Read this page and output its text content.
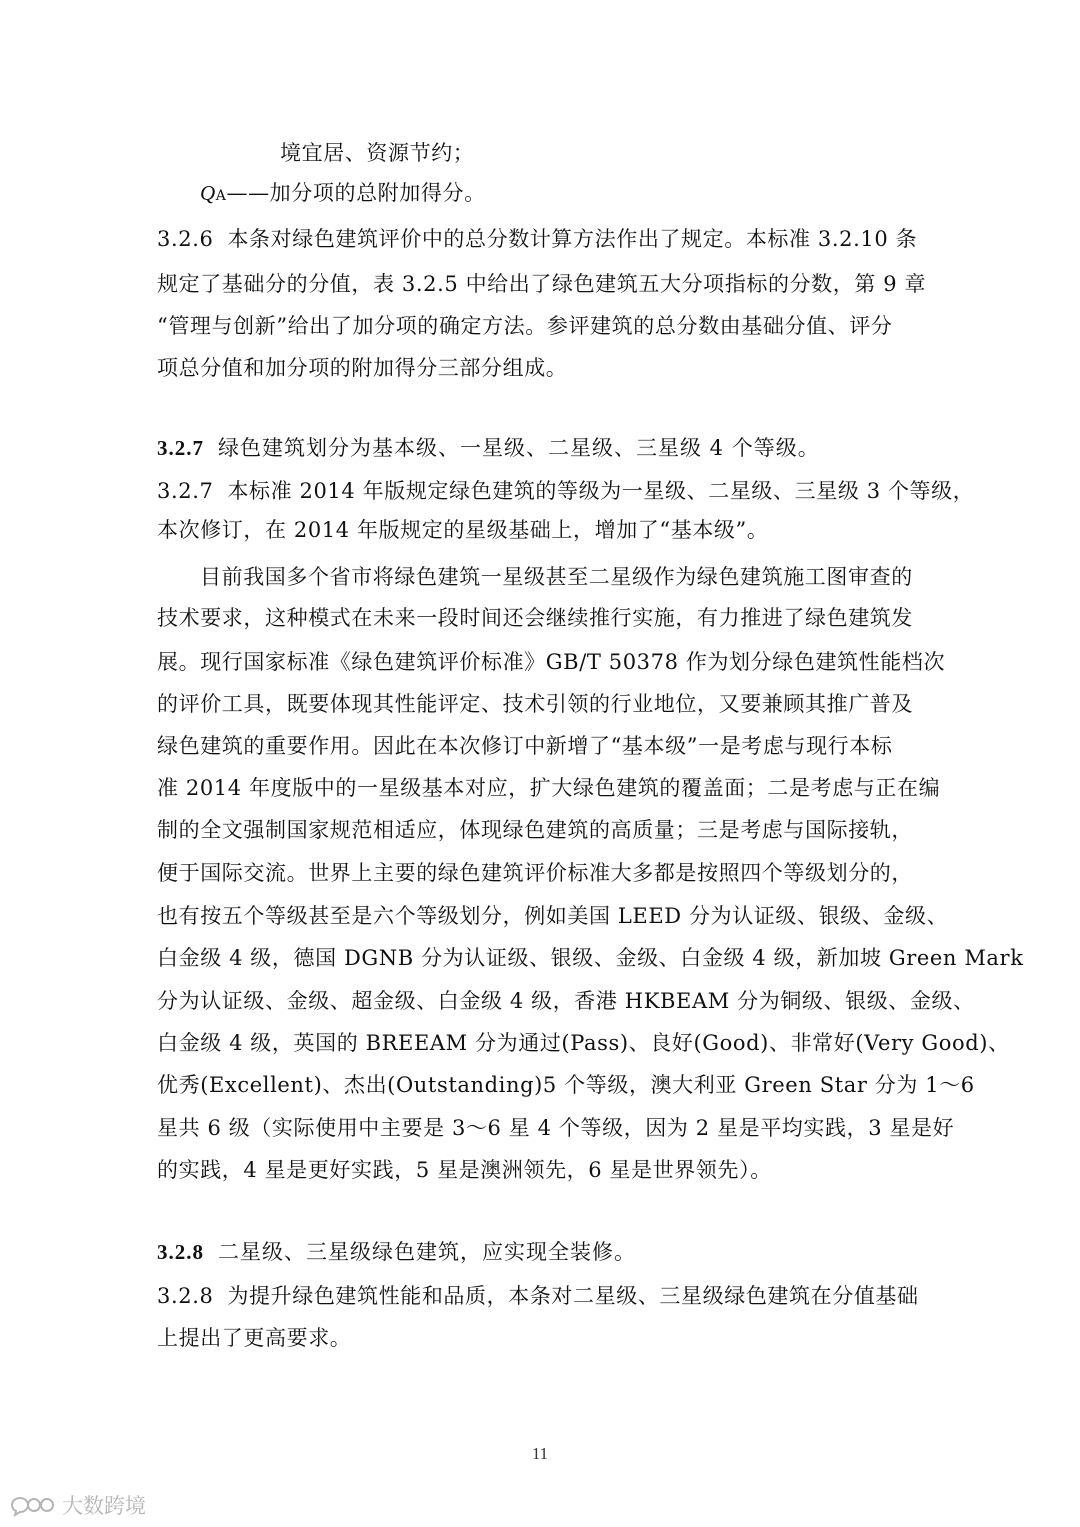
境宜居、资源节约；
QA——加分项的总附加得分。
3.2.6 本条对绿色建筑评价中的总分数计算方法作出了规定。本标准 3.2.10 条
规定了基础分的分值，表 3.2.5 中给出了绿色建筑五大分项指标的分数，第 9 章
“管理与创新”给出了加分项的确定方法。参评建筑的总分数由基础分值、评分
项总分值和加分项的附加得分三部分组成。
3.2.7 绿色建筑划分为基本级、一星级、二星级、三星级 4 个等级。
3.2.7 本标准 2014 年版规定绿色建筑的等级为一星级、二星级、三星级 3 个等级，
本次修订，在 2014 年版规定的星级基础上，增加了“基本级”。
目前我国多个省市将绿色建筑一星级甚至二星级作为绿色建筑施工图审查的
技术要求，这种模式在未来一段时间还会继续推行实施，有力推进了绿色建筑发
展。现行国家标准《绿色建筑评价标准》GB/T 50378 作为划分绿色建筑性能档次
的评价工具，既要体现其性能评定、技术引领的行业地位，又要兼顾其推广普及
绿色建筑的重要作用。因此在本次修订中新增了“基本级”一是考虑与现行本标
准 2014 年度版中的一星级基本对应，扩大绿色建筑的覆盖面；二是考虑与正在编
制的全文强制国家规范相适应，体现绿色建筑的高质量；三是考虑与国际接轨，
便于国际交流。世界上主要的绿色建筑评价标准大多都是按照四个等级划分的，
也有按五个等级甚至是六个等级划分，例如美国 LEED 分为认证级、银级、金级、
白金级 4 级，德国 DGNB 分为认证级、银级、金级、白金级 4 级，新加坡 Green Mark
分为认证级、金级、超金级、白金级 4 级，香港 HKBEAM 分为铜级、银级、金级、
白金级 4 级，英国的 BREEAM 分为通过(Pass)、良好(Good)、非常好(Very Good)、
优秀(Excellent)、杰出(Outstanding)5 个等级，澳大利亚 Green Star 分为 1～6
星共 6 级（实际使用中主要是 3～6 星 4 个等级，因为 2 星是平均实践，3 星是好
的实践，4 星是更好实践，5 星是澳洲领先，6 星是世界领先）。
3.2.8 二星级、三星级绿色建筑，应实现全装修。
3.2.8 为提升绿色建筑性能和品质，本条对二星级、三星级绿色建筑在分值基础
上提出了更高要求。
11
大数跨境
